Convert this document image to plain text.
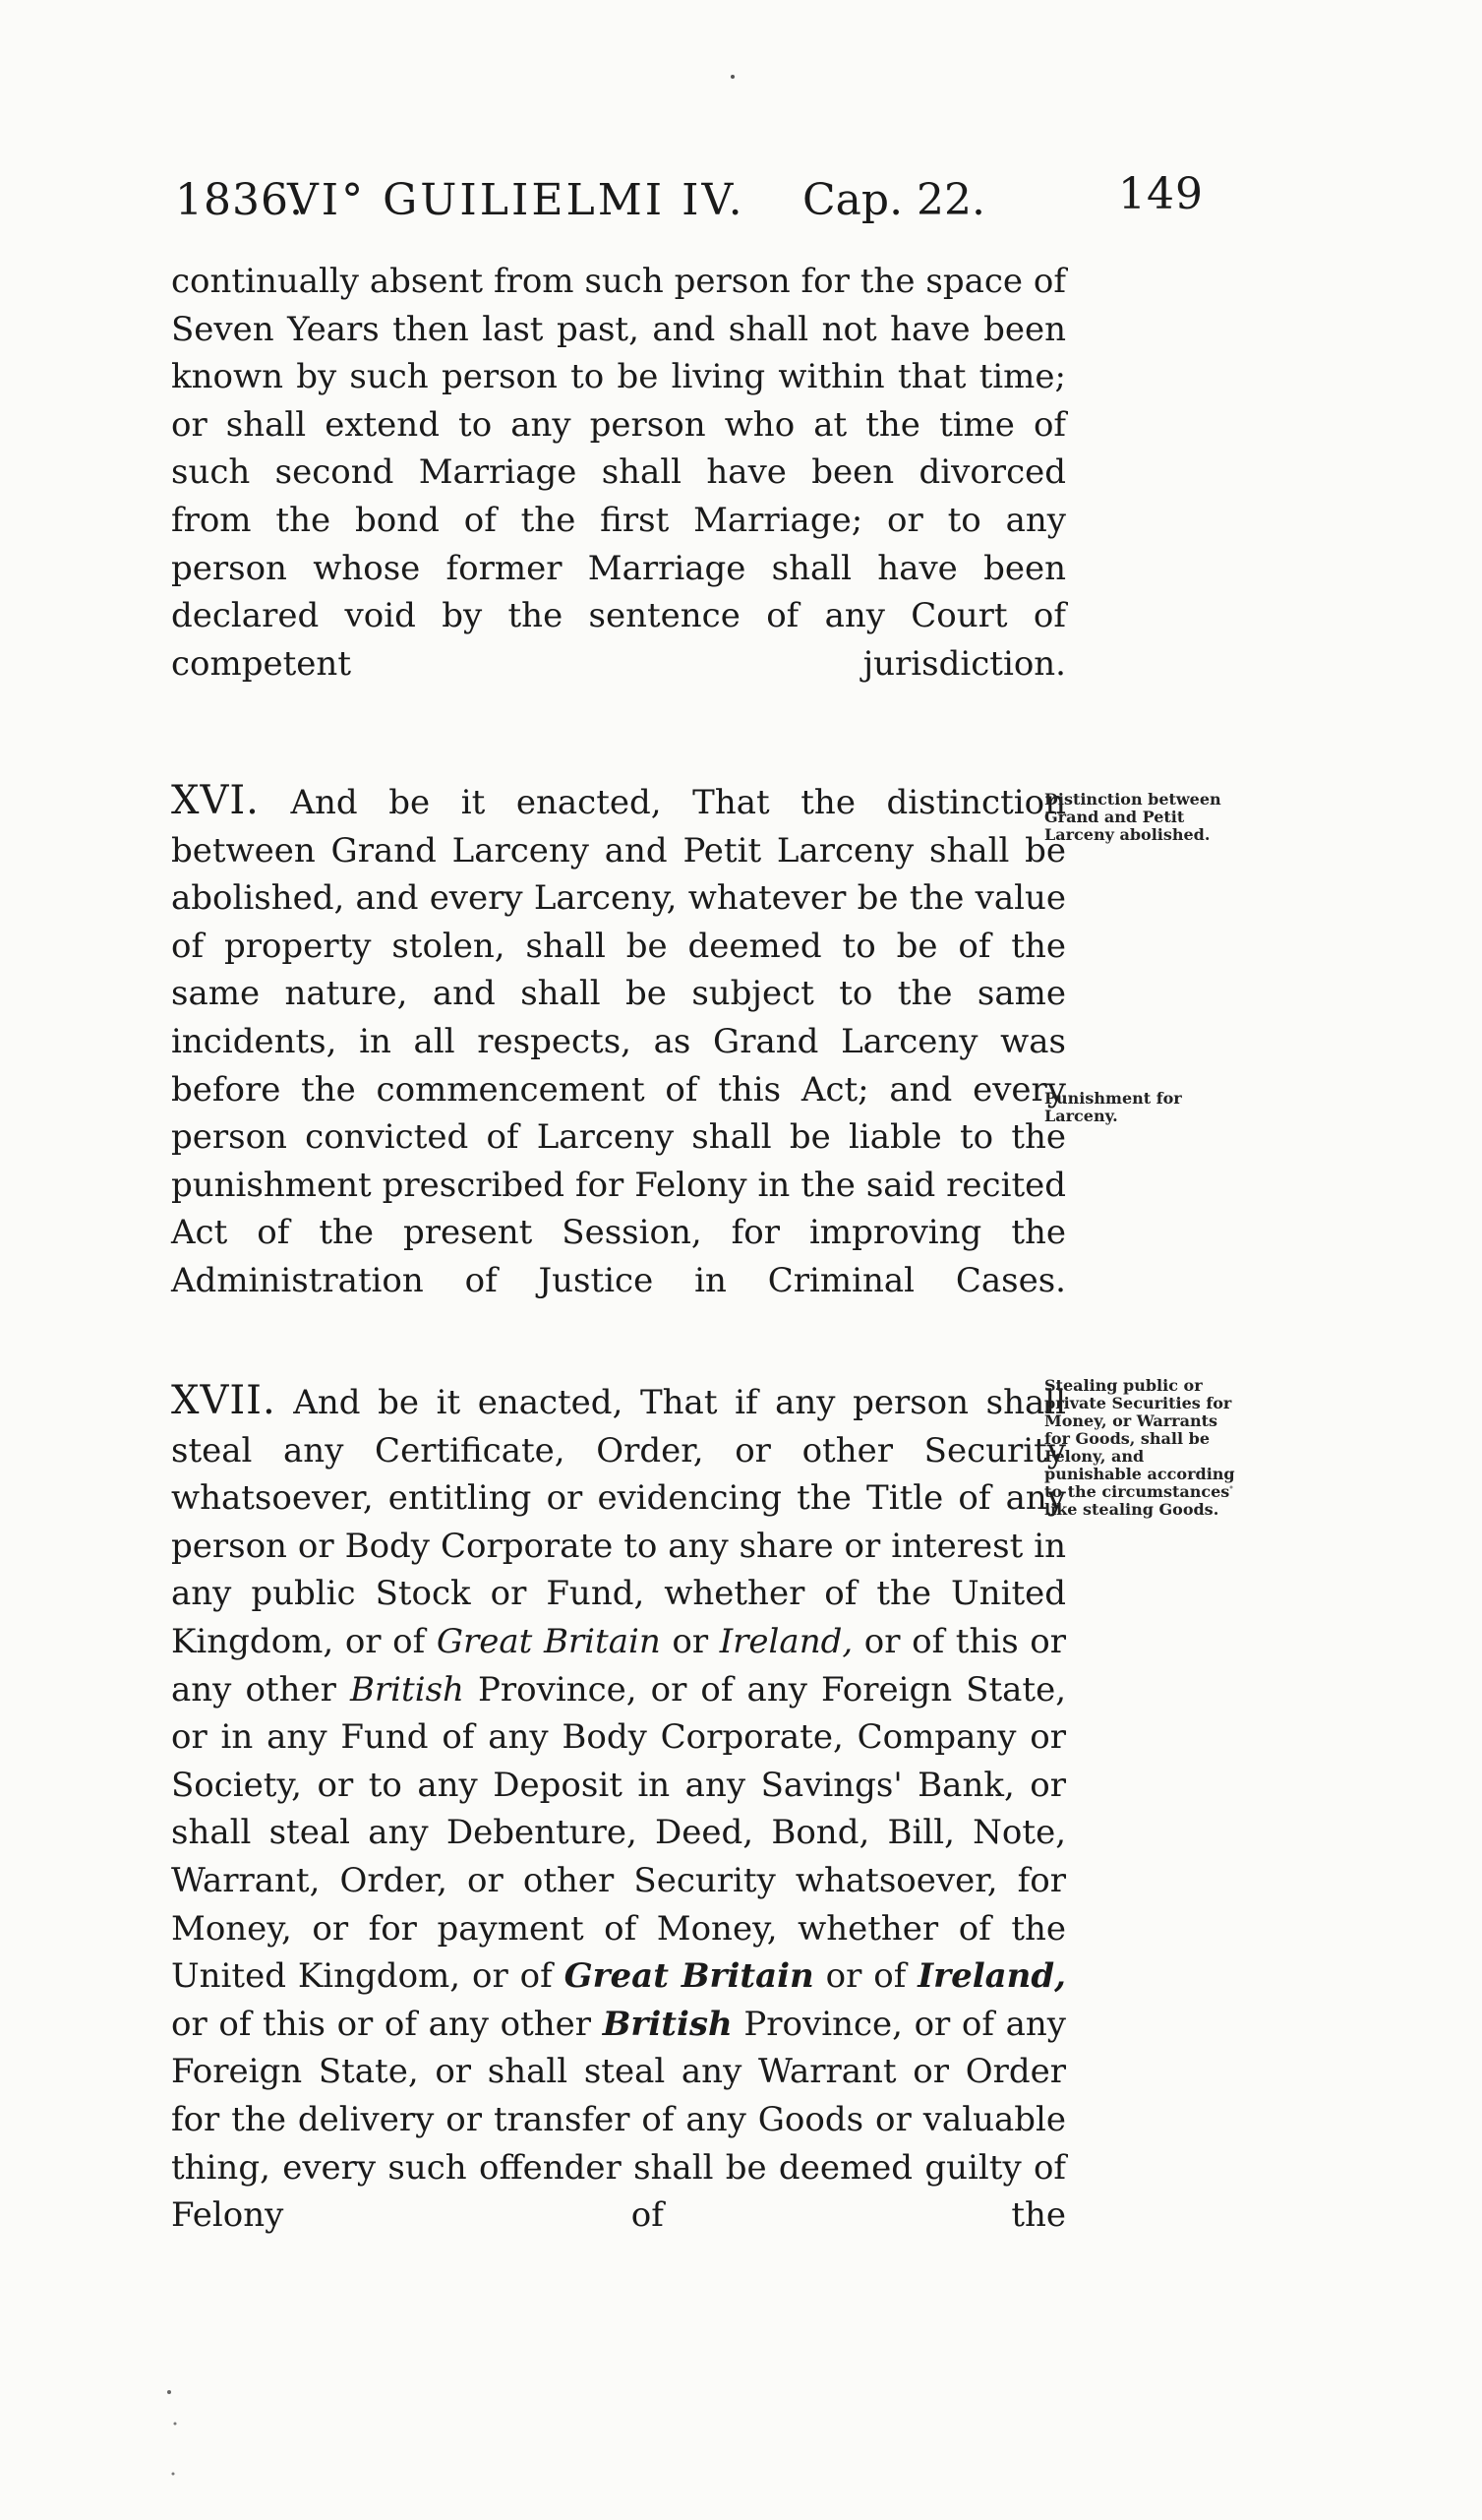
1836.
VI° GUILIELMI IV. Cap. 22.	149
continually absent from such person for the space of Seven Years then last past, and shall not have been known by such person to be living within that time; or shall extend to any person who at the time of such second Marriage shall have been divorced from the bond of the first Marriage; or to any person whose former Marriage shall have been declared void by the sentence of any Court of competent jurisdiction.
XVI. And be it enacted, That the distinction between Grand Larceny and Petit Larceny shall be abolished, and every Larceny, whatever be the value of property stolen, shall be deemed to be of the same nature, and shall be subject to the same incidents, in all respects, as Grand Larceny was before the commencement of this Act; and every person convicted of Larceny shall be liable to the punishment prescribed for Felony in the said recited Act of the present Session, for improving the Administration of Justice in Criminal Cases.
Distinction between Grand and Petit Larceny abolished.
Punishment for Larceny.
XVII. And be it enacted, That if any person shall steal any Certificate, Order, or other Security whatsoever, entitling or evidencing the Title of any person or Body Corporate to any share or interest in any public Stock or Fund, whether of the United Kingdom, or of Great Britain or Ireland, or of this or any other British Province, or of any Foreign State, or in any Fund of any Body Corporate, Company or Society, or to any Deposit in any Savings' Bank, or shall steal any Debenture, Deed, Bond, Bill, Note, Warrant, Order, or other Security whatsoever, for Money, or for payment of Money, whether of the United Kingdom, or of Great Britain or of Ireland, or of this or of any other British Province, or of any Foreign State, or shall steal any Warrant or Order for the delivery or transfer of any Goods or valuable thing, every such offender shall be deemed guilty of Felony of the
Stealing public or private Securities for Money, or Warrants for Goods, shall be Felony, and punishable according to the circumstances like stealing Goods.
